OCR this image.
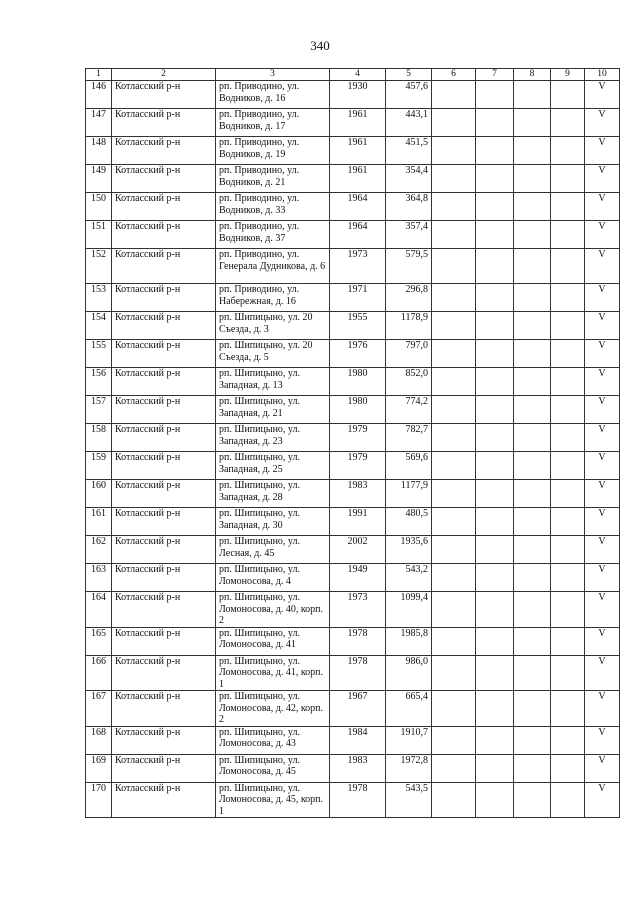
340
1	2	3	4	5	6	7	8	9	10
146	Котласский р-н	рп. Приводино, ул. Водников, д. 16	1930	457,6					V
147	Котласский р-н	рп. Приводино, ул. Водников, д. 17	1961	443,1					V
148	Котласский р-н	рп. Приводино, ул. Водников, д. 19	1961	451,5					V
149	Котласский р-н	рп. Приводино, ул. Водников, д. 21	1961	354,4					V
150	Котласский р-н	рп. Приводино, ул. Водников, д. 33	1964	364,8					V
151	Котласский р-н	рп. Приводино, ул. Водников, д. 37	1964	357,4					V
152	Котласский р-н	рп. Приводино, ул. Генерала Дудникова, д. 6	1973	579,5					V
153	Котласский р-н	рп. Приводино, ул. Набережная, д. 16	1971	296,8					V
154	Котласский р-н	рп. Шипицыно, ул. 20 Съезда, д. 3	1955	1178,9					V
155	Котласский р-н	рп. Шипицыно, ул. 20 Съезда, д. 5	1976	797,0					V
156	Котласский р-н	рп. Шипицыно, ул. Западная, д. 13	1980	852,0					V
157	Котласский р-н	рп. Шипицыно, ул. Западная, д. 21	1980	774,2					V
158	Котласский р-н	рп. Шипицыно, ул. Западная, д. 23	1979	782,7					V
159	Котласский р-н	рп. Шипицыно, ул. Западная, д. 25	1979	569,6					V
160	Котласский р-н	рп. Шипицыно, ул. Западная, д. 28	1983	1177,9					V
161	Котласский р-н	рп. Шипицыно, ул. Западная, д. 30	1991	480,5					V
162	Котласский р-н	рп. Шипицыно, ул. Лесная, д. 45	2002	1935,6					V
163	Котласский р-н	рп. Шипицыно, ул. Ломоносова, д. 4	1949	543,2					V
164	Котласский р-н	рп. Шипицыно, ул. Ломоносова, д. 40, корп. 2	1973	1099,4					V
165	Котласский р-н	рп. Шипицыно, ул. Ломоносова, д. 41	1978	1985,8					V
166	Котласский р-н	рп. Шипицыно, ул. Ломоносова, д. 41, корп. 1	1978	986,0					V
167	Котласский р-н	рп. Шипицыно, ул. Ломоносова, д. 42, корп. 2	1967	665,4					V
168	Котласский р-н	рп. Шипицыно, ул. Ломоносова, д. 43	1984	1910,7					V
169	Котласский р-н	рп. Шипицыно, ул. Ломоносова, д. 45	1983	1972,8					V
170	Котласский р-н	рп. Шипицыно, ул. Ломоносова, д. 45, корп. 1	1978	543,5					V
